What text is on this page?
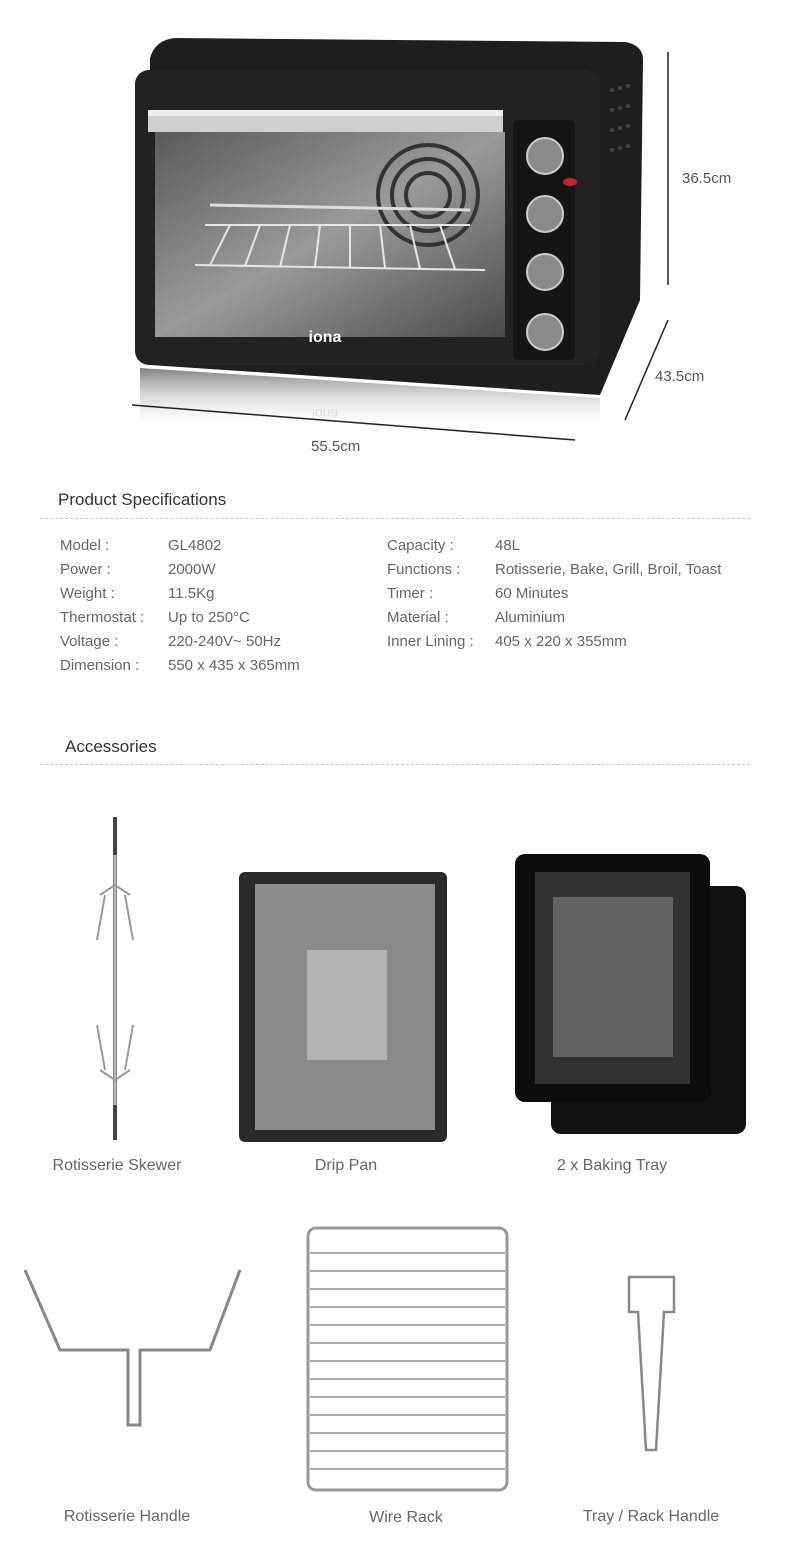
iona
iona
36.5cm
43.5cm
55.5cm
Product Specifications
Model :	GL4802
Power :	2000W
Weight :	11.5Kg
Thermostat : Up to 250°C
Voltage :	220-240V~ 50Hz
Dimension : 550 x 435 x 365mm
Capacity :	48L
Functions : Rotisserie, Bake, Grill, Broil, Toast
Timer :	60 Minutes
Material :	Aluminium
Inner Lining : 405 x 220 x 355mm
Accessories
Rotisserie Skewer	Drip Pan	2 x Baking Tray
Rotisserie Handle	Wire Rack	Tray / Rack Handle
